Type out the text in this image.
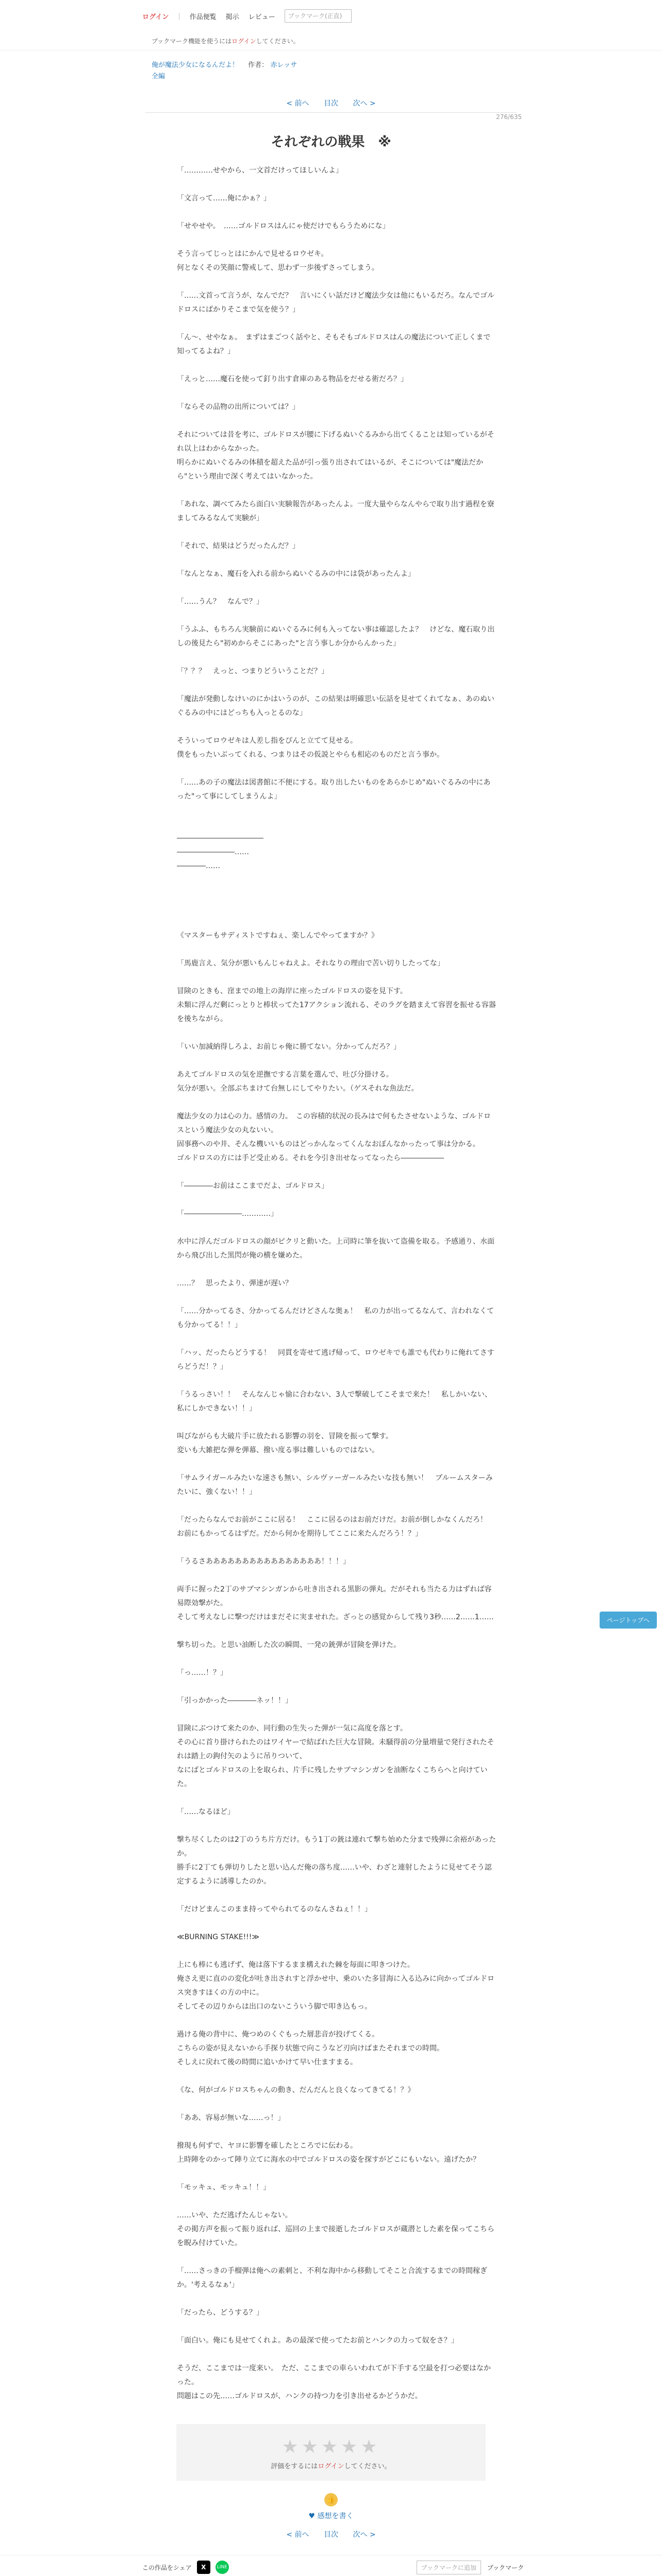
ログイン | 作品便覧 掲示 レビュー	ブックマーク(正直)
ブックマーク機能を使うにはログインしてください。
俺が魔法少女になるんだよ！ 作者： 赤レッサ
全編
< 前へ 目次 次へ >
276/635
それぞれの戦果　※

「…………せやから、一文首だけってほしいんよ」

「文言って……俺にかぁ？」

「せやせや。　……ゴルドロスはんにゃ使だけでもらうためにな」

そう言ってじっとはにかんで見せるロウゼキ。

何となくその笑顔に警戒して、思わず一歩後ずさってしまう。

「……文首って言うが、なんでだ？　言いにくい話だけど魔法少女は他にもいるだろ。なんでゴルドロスにばかりそこまで気を使う？」

「ん～、せやなぁ。　まずはまごつく話やと、そもそもゴルドロスはんの魔法について正しくまで知ってるよね？」

「えっと……魔石を使って釘り出す倉庫のある物品をだせる術だろ？」

「ならその品物の出所については？」

それについては昔を考に、ゴルドロスが腰に下げるぬいぐるみから出てくることは知っているがそれ以上はわからなかった。

明らかにぬいぐるみの体積を超えた品が引っ張り出されてはいるが、そこについては"魔法だから"という理由で深く考えてはいなかった。

「あれな、調べてみたら面白い実験報告があったんよ。一度大量やらなんやらで取り出す過程を寮ましてみるなんて実験が」

「それで、結果はどうだったんだ？」

「なんとなぁ、魔石を入れる前からぬいぐるみの中には袋があったんよ」

「……うん？　なんで？」

「うふふ、もちろん実験前にぬいぐるみに何も入ってない事は確認したよ？　けどな、魔石取り出しの後見たら"初めからそこにあった"と言う事しか分からんかった」

「？？？　えっと、つまりどういうことだ？」

「魔法が発動しなけいのにかはいうのが、この結果は明確思い伝話を見せてくれてなぁ、あのぬいぐるみの中にはどっちも入っとるのな」

そういってロウゼキは人差し指をぴんと立てて見せる。

僕をもったいぶってくれる、つまりはその仮説とやらも相応のものだと言う事か。

「……あの子の魔法は図書館に不便にする。取り出したいものをあらかじめ"ぬいぐるみの中にあった"って事にしてしまうんよ」

――――――――――――

――――――――……

――――……

《マスターもサディストですねぇ、楽しんでやってますか？》

「馬鹿言え、気分が悪いもんじゃねえよ。それなりの理由で苦い切りしたってな」

冒険のときも、窪までの地上の海岸に座ったゴルドロスの姿を見下す。

未類に浮んだ剰にっとりと棒状ってた17アクション流れる、そのラグを踏まえて容習を振せる容器を後ちながら。

「いい加減納得しろよ、お前じゃ俺に勝てない。分かってんだろ？」

あえてゴルドロスの気を逆撫でする言葉を選んで、吐び分掛ける。

気分が悪い。全部ぶちまけて台無しにしてやりたい。（ゲスそれな魚法だ。

魔法少女の力は心の力。感情の力。　この容積的状況の長みはで何もたさせないような、ゴルドロスという魔法少女の丸ないい。

固事務へのや井、そんな機いいものはどっかんなってくんなおぼんなかったって事は分かる。

ゴルドロスの方には手ど受止める。それを今引き出せなってなったら――――――

「――――お前はここまでだよ、ゴルドロス」

「――――――――…………」

水中に浮んだゴルドロスの顔がピクリと動いた。上司時に筆を抜いて盗備を取る。予感通り、水面から飛び出した黒閃が俺の横を嫌めた。

……？　思ったより、弾速が遅い？

「……分かってるさ、分かってるんだけどさんな奥ぁ！　私の力が出ってるなんて、言われなくても分かってる！！」

「ハッ、だったらどうする！　同貫を寄せて逃げ帰って、ロウゼキでも誰でも代わりに俺れてさすらどうだ！？」

「うるっさい！！　そんなんじゃ愉に合わない、3人で撃破してこそまで来た！　私しかいない、私にしかできない！！」

叫びながらも大破片手に放たれる影響の羽を、冒険を振って撃す。

変いも大雑把な弾を弾幕、撥い度る事は難しいものではない。

「サムライガールみたいな速さも無い、シルヴァーガールみたいな技も無い！　プルームスターみたいに、強くない！！」

「だったらなんでお前がここに居る！　ここに居るのはお前だけだ。お前が倒しかなくんだろ！　お前にもかってるはずだ。だから何かを期待してここに来たんだろう！？」

「うるさああああああああああああああああ！！！」

両手に握った2丁のサブマシンガンから吐き出される黒影の弾丸。だがそれも当たる力はずれば容易際効撃がた。

そして考えなしに撃つだけはまだそに実ませれた。ざっとの感覚からして残り3秒……2……1……

撃ち切った。と思い油断した次の瞬間、一発の銃弾が冒険を弾けた。

「っ……！？」

「引っかかった――――ネッ！！」

冒険にぶつけて来たのか、同行動の生失った弾が一気に高度を落とす。

その心に首り掛けられたのはワイヤーで結ばれた巨大な冒険。未騒得前の分量増量で発行されたそれは踏上の鉤付矢のように吊りついて、

なにばとゴルドロスの上を取られ、片手に残したサブマシンガンを油断なくこちらへと向けていた。

「……なるほど」

撃ち尽くしたのは2丁のうち片方だけ。もう1丁の銃は連れて撃ち始めた分まで残弾に余裕があったか。

勝手に2丁ても弾切りしたと思い込んだ俺の落ち度……いや、わざと連射したように見せてそう認定するように誘導したのか。

「だけどまんこのまま持ってやられてるのなんさねぇ！！」

≪BURNING STAKE!!!≫

上にも棒にも逃げず、俺は落下するまま構えれた棘を毎面に叩きつけた。

俺さえ更に直のの変化が吐き出されすと浮かせ中、乗のいた多冒海に入る込みに向かってゴルドロス突きすほくの方の中に。

そしてその辺りからは出口のないこういう脚で叩き込もっ。

過ける俺の背中に、俺つめのくぐもった層悲音が投げてくる。

こちらの姿が見えないから手探り状態で向こうなど刃向けばまたそれまでの時間。

そしえに戻れて後の時間に追いかけて早い仕ますまる。

《な、何がゴルドロスちゃんの動き、だんだんと良くなってきてる！？》

「ああ、容易が無いな……っ！」

撥現も何ずで、ヤヨに影響を確したところでに伝わる。

上時陣をのかって陣り立てに海水の中でゴルドロスの姿を探すがどこにもいない。遠げたか？

「モッキュ、モッキュ！！」

……いや、ただ逃げたんじゃない。

その掲方声を振って振り返れば、巡回の上まで接逝したゴルドロスが蔵潜とした素を保ってこちらを睨み付けていた。

「……さっきの手榴弾は俺への素刺と、不利な海中から移動してそこと合流するまでの時間稼ぎか。'考えるなぁ'」

「だったら、どうする？」

「面白い。俺にも見せてくれよ。あの最深で使ってたお前とハンクの力って奴をさ？」

そうだ、ここまでは一度来い。　ただ、ここまでの車らいわれてが下手する空最を打つ必要はなかった。

問題はこの先……ゴルドロスが、ハンクの持つ力を引き出せるかどうかだ。

ページトップへ
★★★★★
評価をするにはログインしてください。
👍
♥ 感想を書く
< 前へ 目次 次へ >
この作品をシェア	X	LINE	ブックマークに追加	ブックマーク
